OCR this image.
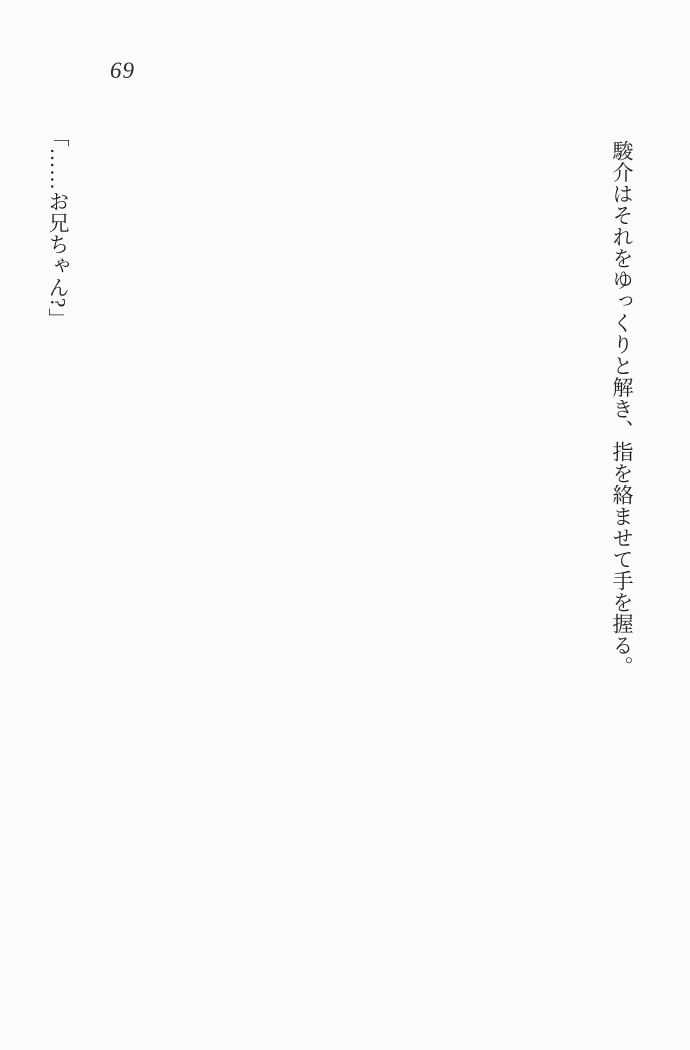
69

駿介はそれをゆっくりと解き、指を絡ませて手を握る。

「……お兄ちゃん?」
